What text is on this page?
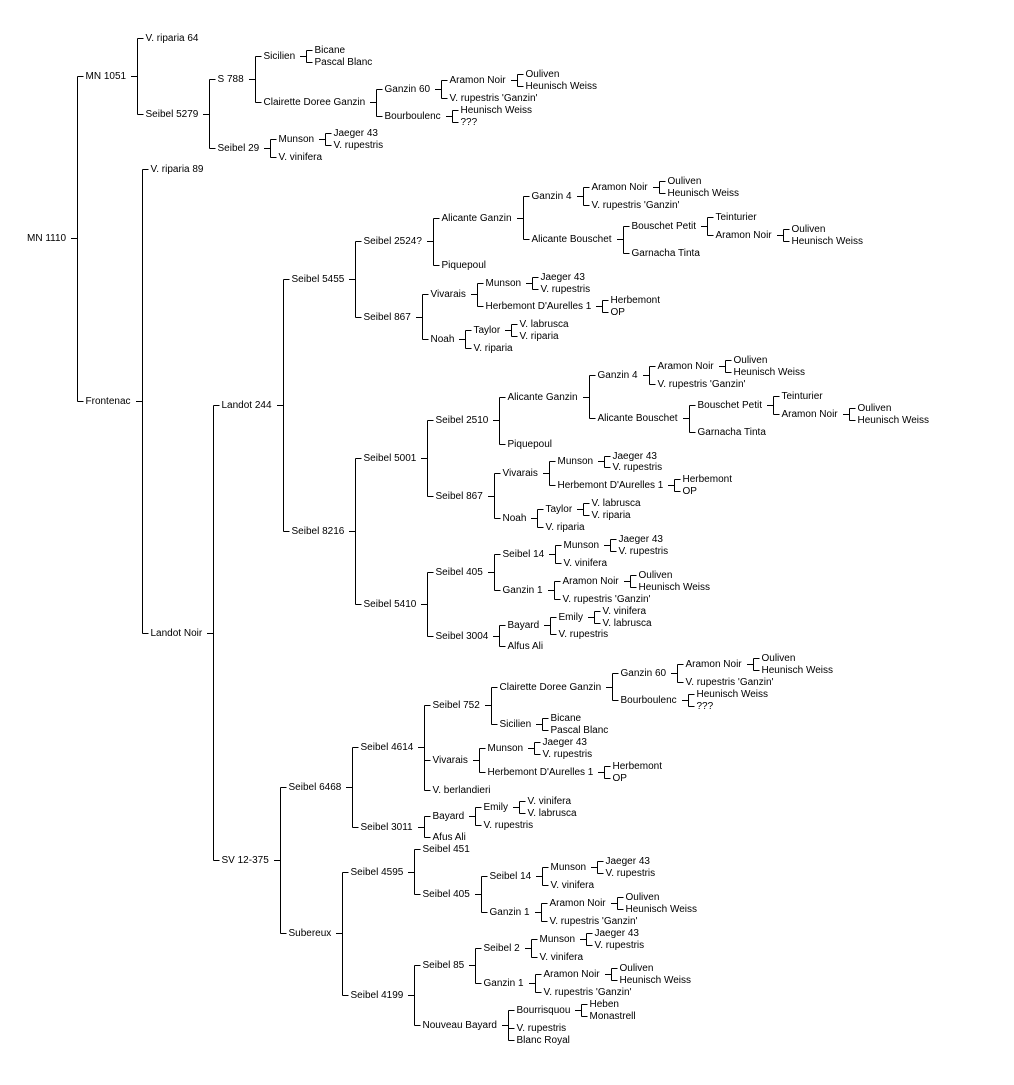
MN 1110
MN 1051
V. riparia 64
Seibel 5279
S 788
Sicilien
Bicane
Pascal Blanc
Clairette Doree Ganzin
Ganzin 60
Aramon Noir
Ouliven
Heunisch Weiss
V. rupestris 'Ganzin'
Bourboulenc
Heunisch Weiss
???
Seibel 29
Munson
Jaeger 43
V. rupestris
V. vinifera
Frontenac
V. riparia 89
Landot Noir
Landot 244
Seibel 5455
Seibel 2524?
Alicante Ganzin
Ganzin 4
Aramon Noir
Ouliven
Heunisch Weiss
V. rupestris 'Ganzin'
Alicante Bouschet
Bouschet Petit
Teinturier
Aramon Noir
Ouliven
Heunisch Weiss
Garnacha Tinta
Piquepoul
Seibel 867
Vivarais
Munson
Jaeger 43
V. rupestris
Herbemont D'Aurelles 1
Herbemont
OP
Noah
Taylor
V. labrusca
V. riparia
V. riparia
Seibel 8216
Seibel 5001
Seibel 2510
Alicante Ganzin
Ganzin 4
Aramon Noir
Ouliven
Heunisch Weiss
V. rupestris 'Ganzin'
Alicante Bouschet
Bouschet Petit
Teinturier
Aramon Noir
Ouliven
Heunisch Weiss
Garnacha Tinta
Piquepoul
Seibel 867
Vivarais
Munson Jaeger 43
V. rupestris
Herbemont D'Aurelles 1
Herbemont
OP
Noah
Taylor
V. labrusca
V. riparia
V. riparia
Seibel 5410
Seibel 405
Seibel 14
Munson
Jaeger 43
V. rupestris
V. vinifera
Ganzin 1
Aramon Noir
Ouliven
Heunisch Weiss
V. rupestris 'Ganzin'
Seibel 3004
Bayard
Emily
V. vinifera
V. labrusca
V. rupestris
Alfus Ali
SV 12-375
Seibel 6468
Seibel 4614
Seibel 752
Clairette Doree Ganzin
Ganzin 60
Aramon Noir
Ouliven
Heunisch Weiss
V. rupestris 'Ganzin'
Bourboulenc
Heunisch Weiss
???
Sicilien
Bicane
Pascal Blanc
Vivarais
Munson
Jaeger 43
V. rupestris
Herbemont D'Aurelles 1
Herbemont
OP
V. berlandieri
Seibel 3011
Bayard
Emily
V. vinifera
V. labrusca
V. rupestris
Afus Ali
Subereux
Seibel 4595
Seibel 451
Seibel 405
Seibel 14
Munson
Jaeger 43
V. rupestris
V. vinifera
Ganzin 1
Aramon Noir
Ouliven
Heunisch Weiss
V. rupestris 'Ganzin'
Seibel 4199
Seibel 85
Seibel 2
Munson
Jaeger 43
V. rupestris
V. vinifera
Ganzin 1
Aramon Noir
Ouliven
Heunisch Weiss
V. rupestris 'Ganzin'
Nouveau Bayard
Bourrisquou
Heben
Monastrell
V. rupestris
Blanc Royal
